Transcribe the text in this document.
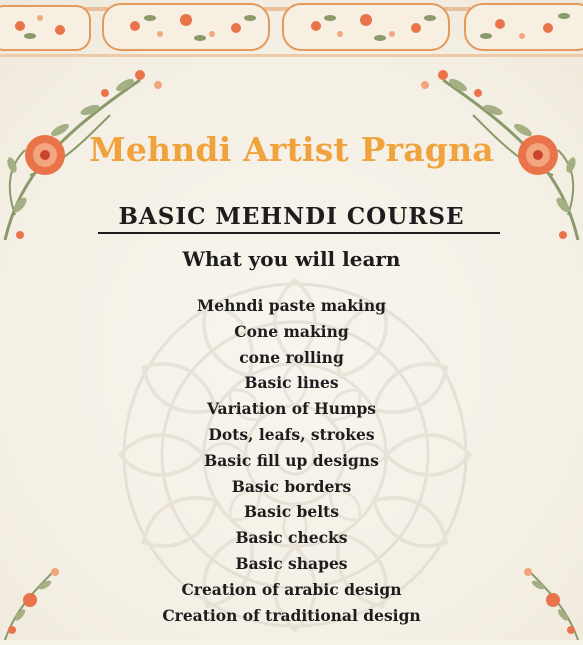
Mehndi Artist Pragna
BASIC MEHNDI COURSE
What you will learn
Mehndi paste making
Cone making
cone rolling
Basic lines
Variation of Humps
Dots, leafs, strokes
Basic fill up designs
Basic borders
Basic belts
Basic checks
Basic shapes
Creation of arabic design
Creation of traditional design
